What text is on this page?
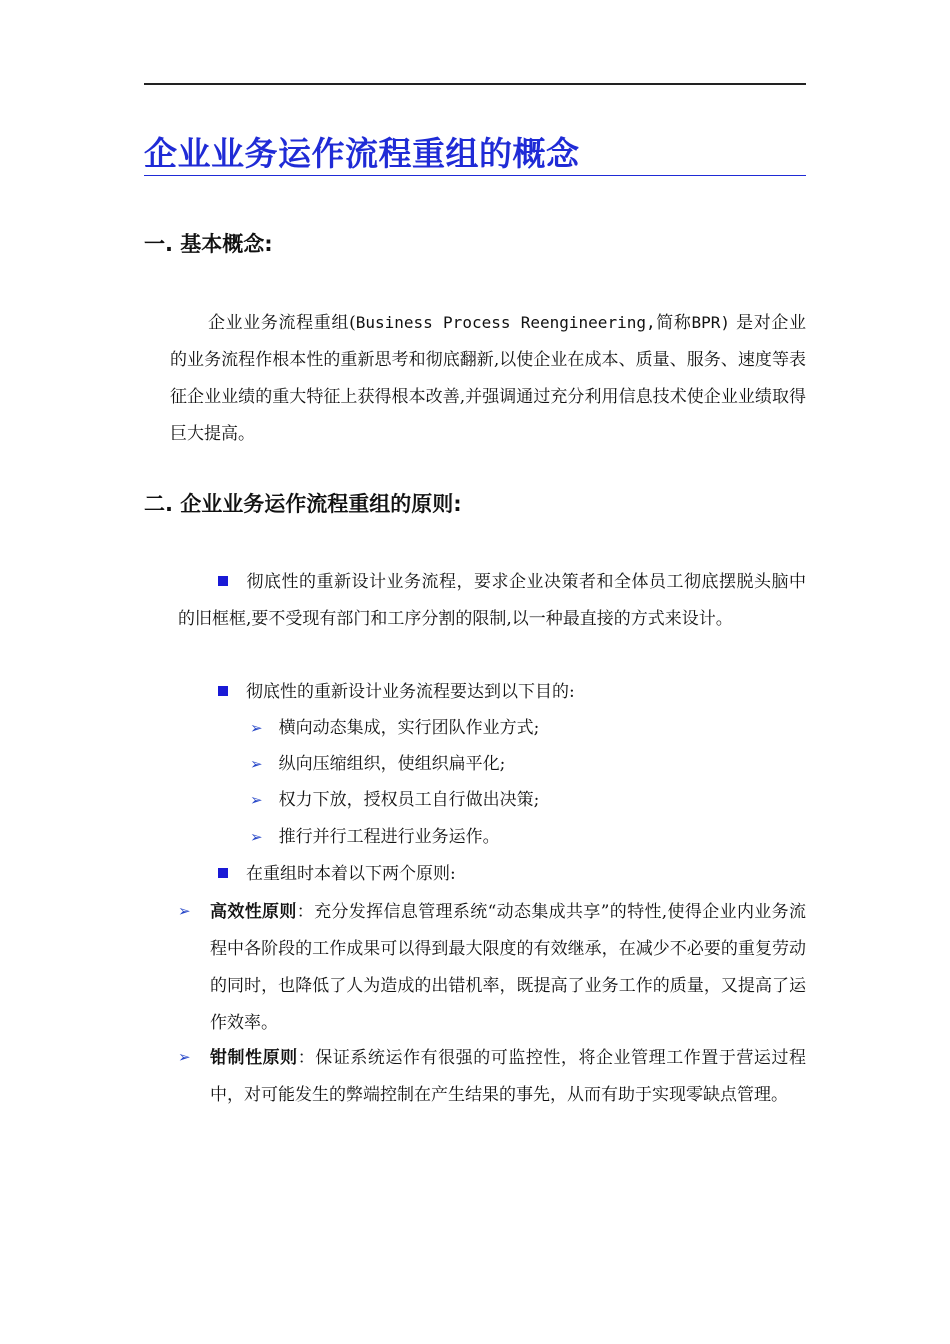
企业业务运作流程重组的概念
一. 基本概念:

企业业务流程重组(Business Process Reengineering,简称BPR) 是对企业的业务流程作根本性的重新思考和彻底翻新,以使企业在成本、质量、服务、速度等表征企业业绩的重大特征上获得根本改善,并强调通过充分利用信息技术使企业业绩取得巨大提高。

二. 企业业务运作流程重组的原则:

彻底性的重新设计业务流程，要求企业决策者和全体员工彻底摆脱头脑中的旧框框,要不受现有部门和工序分割的限制,以一种最直接的方式来设计。

彻底性的重新设计业务流程要达到以下目的:
➢ 横向动态集成，实行团队作业方式;
➢ 纵向压缩组织，使组织扁平化;
➢ 权力下放，授权员工自行做出决策;
➢ 推行并行工程进行业务运作。
在重组时本着以下两个原则:
➢ 高效性原则：充分发挥信息管理系统“动态集成共享”的特性,使得企业内业务流程中各阶段的工作成果可以得到最大限度的有效继承，在减少不必要的重复劳动的同时，也降低了人为造成的出错机率，既提高了业务工作的质量，又提高了运作效率。

➢ 钳制性原则：保证系统运作有很强的可监控性，将企业管理工作置于营运过程中，对可能发生的弊端控制在产生结果的事先，从而有助于实现零缺点管理。
